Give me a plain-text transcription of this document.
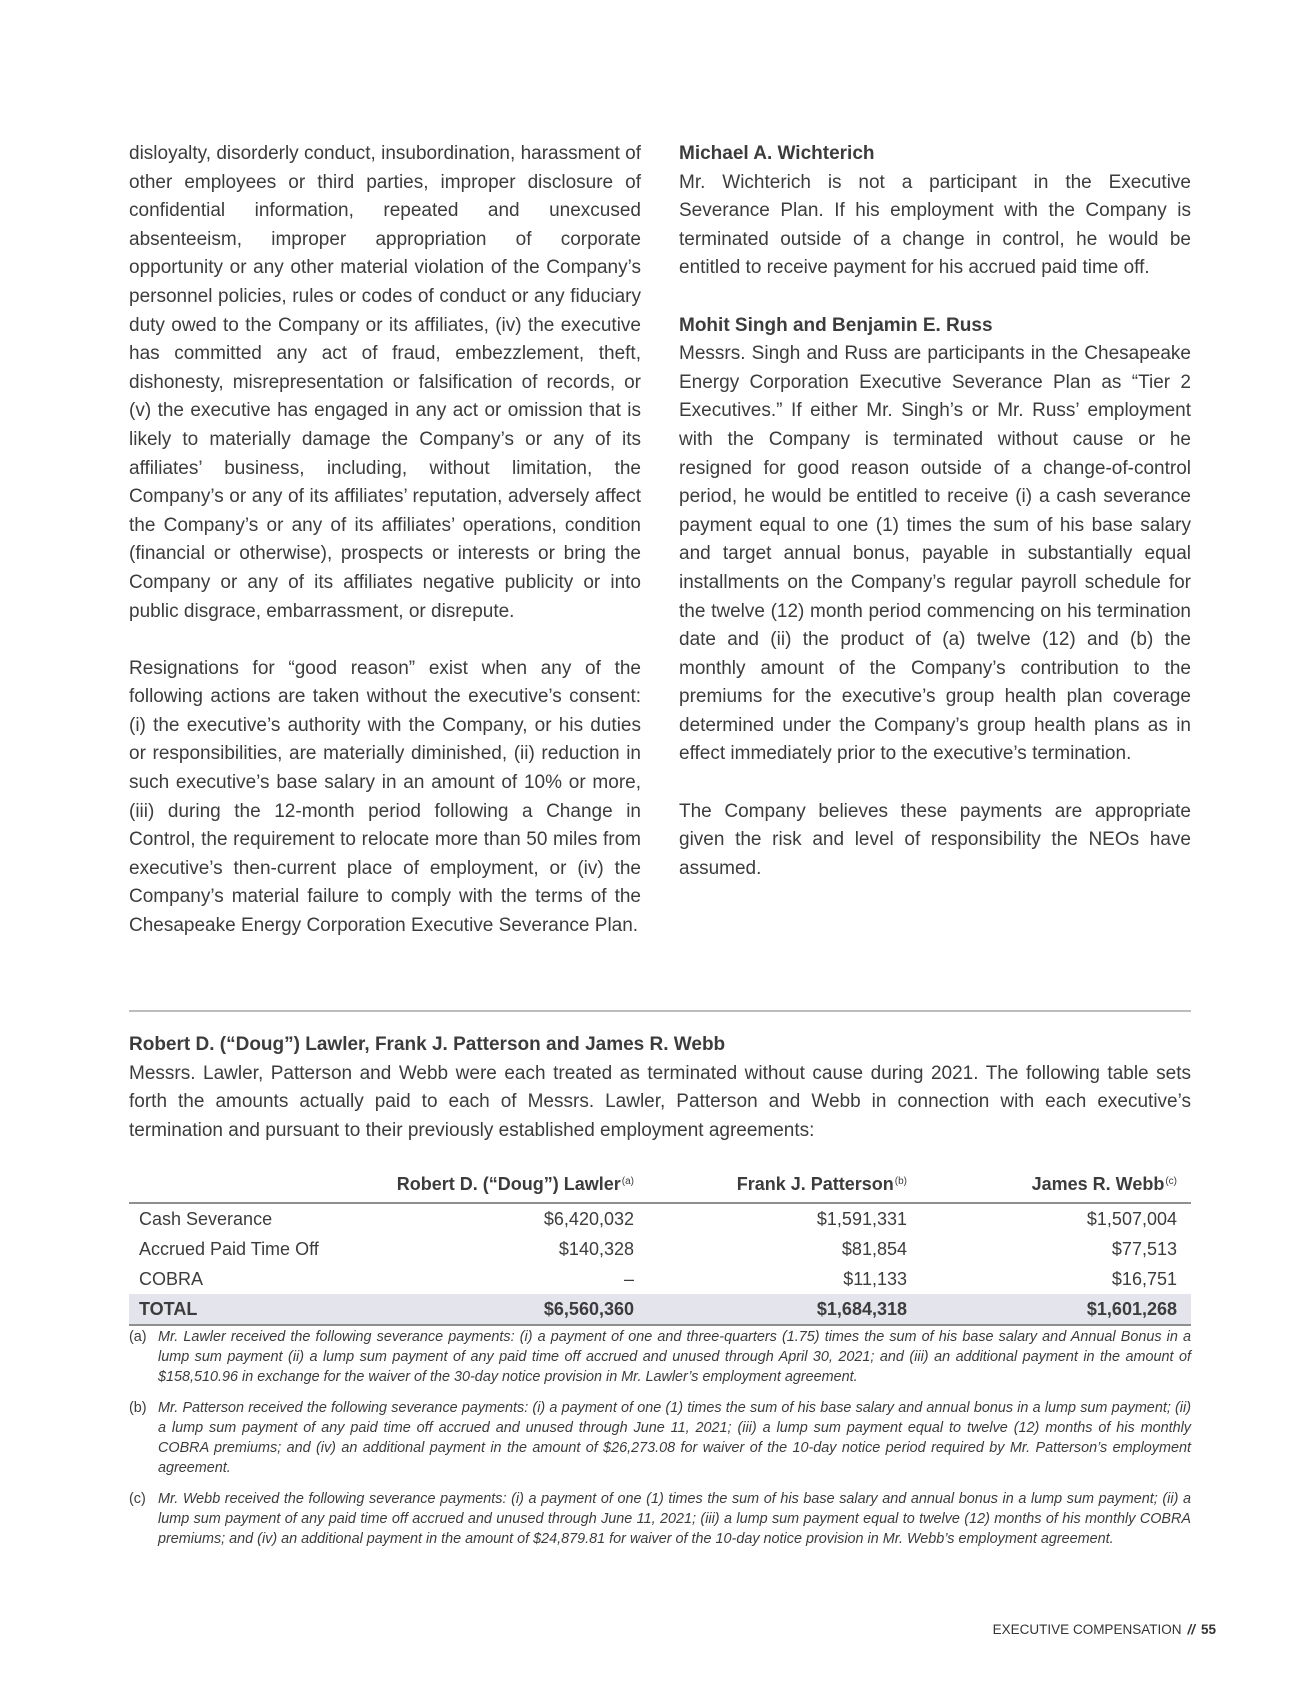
disloyalty, disorderly conduct, insubordination, harassment of other employees or third parties, improper disclosure of confidential information, repeated and unexcused absenteeism, improper appropriation of corporate opportunity or any other material violation of the Company’s personnel policies, rules or codes of conduct or any fiduciary duty owed to the Company or its affiliates, (iv) the executive has committed any act of fraud, embezzlement, theft, dishonesty, misrepresentation or falsification of records, or (v) the executive has engaged in any act or omission that is likely to materially damage the Company’s or any of its affiliates’ business, including, without limitation, the Company’s or any of its affiliates’ reputation, adversely affect the Company’s or any of its affiliates’ operations, condition (financial or otherwise), prospects or interests or bring the Company or any of its affiliates negative publicity or into public disgrace, embarrassment, or disrepute.

Resignations for “good reason” exist when any of the following actions are taken without the executive’s consent: (i) the executive’s authority with the Company, or his duties or responsibilities, are materially diminished, (ii) reduction in such executive’s base salary in an amount of 10% or more, (iii) during the 12-month period following a Change in Control, the requirement to relocate more than 50 miles from executive’s then-current place of employment, or (iv) the Company’s material failure to comply with the terms of the Chesapeake Energy Corporation Executive Severance Plan.

Michael A. Wichterich

Mr. Wichterich is not a participant in the Executive Severance Plan. If his employment with the Company is terminated outside of a change in control, he would be entitled to receive payment for his accrued paid time off.

Mohit Singh and Benjamin E. Russ

Messrs. Singh and Russ are participants in the Chesapeake Energy Corporation Executive Severance Plan as “Tier 2 Executives.” If either Mr. Singh’s or Mr. Russ’ employment with the Company is terminated without cause or he resigned for good reason outside of a change-of-control period, he would be entitled to receive (i) a cash severance payment equal to one (1) times the sum of his base salary and target annual bonus, payable in substantially equal installments on the Company’s regular payroll schedule for the twelve (12) month period commencing on his termination date and (ii) the product of (a) twelve (12) and (b) the monthly amount of the Company’s contribution to the premiums for the executive’s group health plan coverage determined under the Company’s group health plans as in effect immediately prior to the executive’s termination.

The Company believes these payments are appropriate given the risk and level of responsibility the NEOs have assumed.

Robert D. (“Doug”) Lawler, Frank J. Patterson and James R. Webb

Messrs. Lawler, Patterson and Webb were each treated as terminated without cause during 2021. The following table sets forth the amounts actually paid to each of Messrs. Lawler, Patterson and Webb in connection with each executive’s termination and pursuant to their previously established employment agreements:

	Robert D. (“Doug”) Lawler$^{(a)}$	Frank J. Patterson$^{(b)}$	James R. Webb$^{(c)}$
Cash Severance	$6,420,032	$1,591,331	$1,507,004
Accrued Paid Time Off	$140,328	$81,854	$77,513
COBRA	–	$11,133	$16,751
TOTAL	$6,560,360	$1,684,318	$1,601,268
(a) Mr. Lawler received the following severance payments: (i) a payment of one and three-quarters (1.75) times the sum of his base salary and Annual Bonus in a lump sum payment (ii) a lump sum payment of any paid time off accrued and unused through April 30, 2021; and (iii) an additional payment in the amount of $158,510.96 in exchange for the waiver of the 30-day notice provision in Mr. Lawler’s employment agreement.
(b) Mr. Patterson received the following severance payments: (i) a payment of one (1) times the sum of his base salary and annual bonus in a lump sum payment; (ii) a lump sum payment of any paid time off accrued and unused through June 11, 2021; (iii) a lump sum payment equal to twelve (12) months of his monthly COBRA premiums; and (iv) an additional payment in the amount of $26,273.08 for waiver of the 10-day notice period required by Mr. Patterson’s employment agreement.
(c) Mr. Webb received the following severance payments: (i) a payment of one (1) times the sum of his base salary and annual bonus in a lump sum payment; (ii) a lump sum payment of any paid time off accrued and unused through June 11, 2021; (iii) a lump sum payment equal to twelve (12) months of his monthly COBRA premiums; and (iv) an additional payment in the amount of $24,879.81 for waiver of the 10-day notice provision in Mr. Webb’s employment agreement.
EXECUTIVE COMPENSATION // 55
